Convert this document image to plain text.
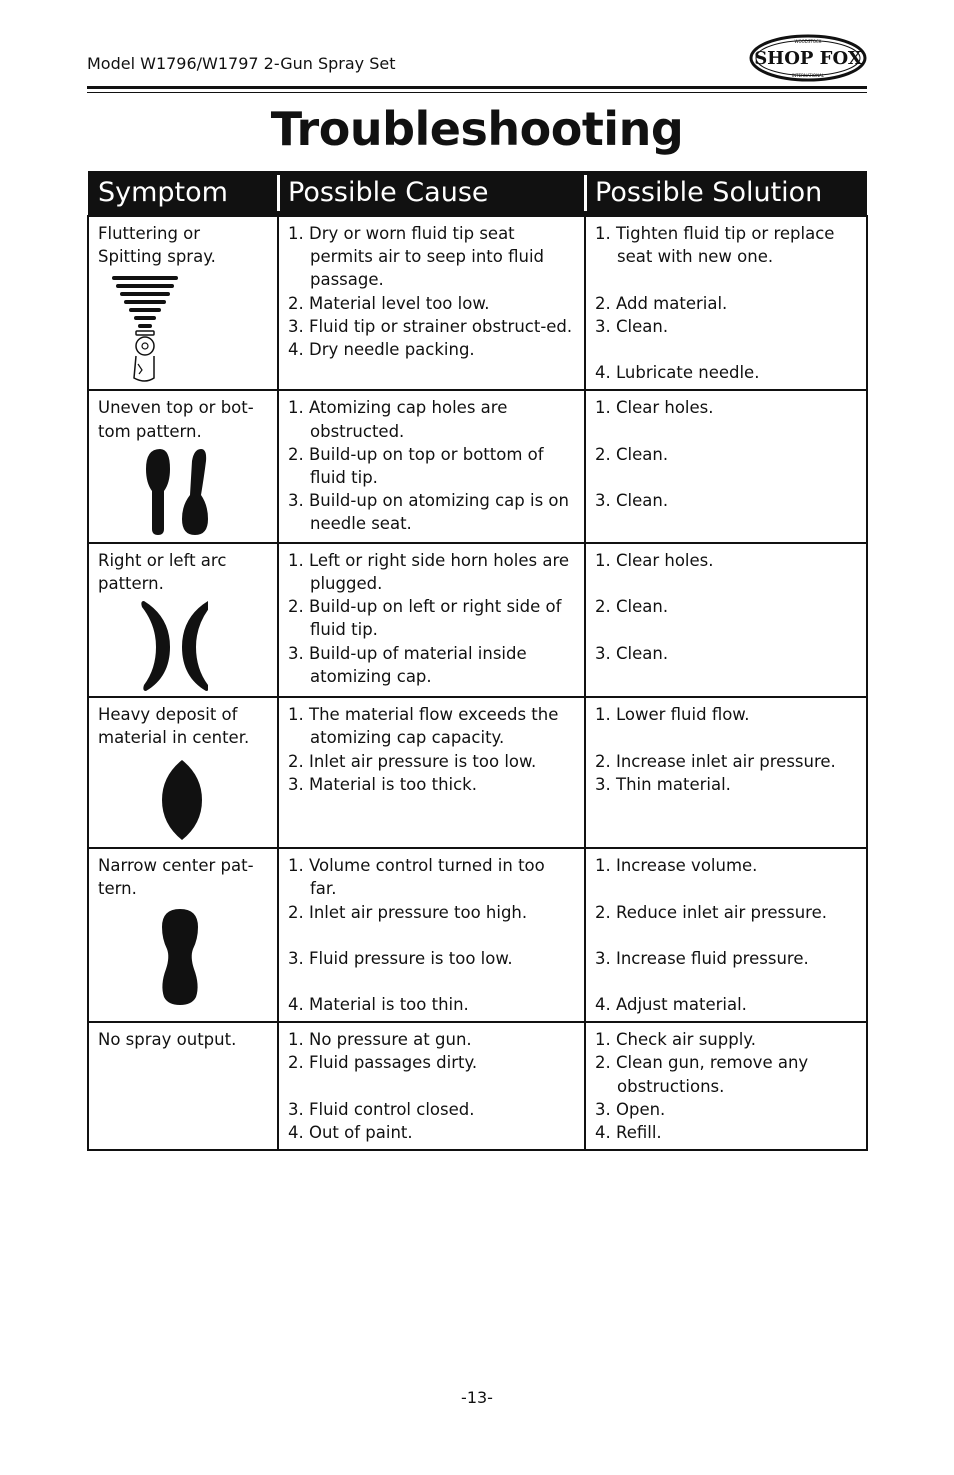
Model W1796/W1797 2-Gun Spray Set	SHOP FOX
WOODSTOCK
INTERNATIONAL
Troubleshooting
Symptom	Possible Cause	Possible Solution

Fluttering or
Spitting spray.	1. Dry or worn fluid tip seat permits air to seep into fluid passage.
2. Material level too low.
3. Fluid tip or strainer obstruct-ed.
4. Dry needle packing.	1. Tighten fluid tip or replace seat with new one.
2. Add material.
3. Clean.
4. Lubricate needle.

Uneven top or bot-
tom pattern.	1. Atomizing cap holes are obstructed.
2. Build-up on top or bottom of fluid tip.
3. Build-up on atomizing cap is on needle seat.	1. Clear holes.
2. Clean.
3. Clean.

Right or left arc
pattern.	1. Left or right side horn holes are plugged.
2. Build-up on left or right side of fluid tip.
3. Build-up of material inside atomizing cap.	1. Clear holes.
2. Clean.
3. Clean.

Heavy deposit of
material in center.	1. The material flow exceeds the atomizing cap capacity.
2. Inlet air pressure is too low.
3. Material is too thick.	1. Lower fluid flow.
2. Increase inlet air pressure.
3. Thin material.

Narrow center pat-
tern.	1. Volume control turned in too far.
2. Inlet air pressure too high.
3. Fluid pressure is too low.
4. Material is too thin.	1. Increase volume.
2. Reduce inlet air pressure.
3. Increase fluid pressure.
4. Adjust material.

No spray output.	1. No pressure at gun.
2. Fluid passages dirty.
3. Fluid control closed.
4. Out of paint.	1. Check air supply.
2. Clean gun, remove any obstructions.
3. Open.
4. Refill.
-13-
